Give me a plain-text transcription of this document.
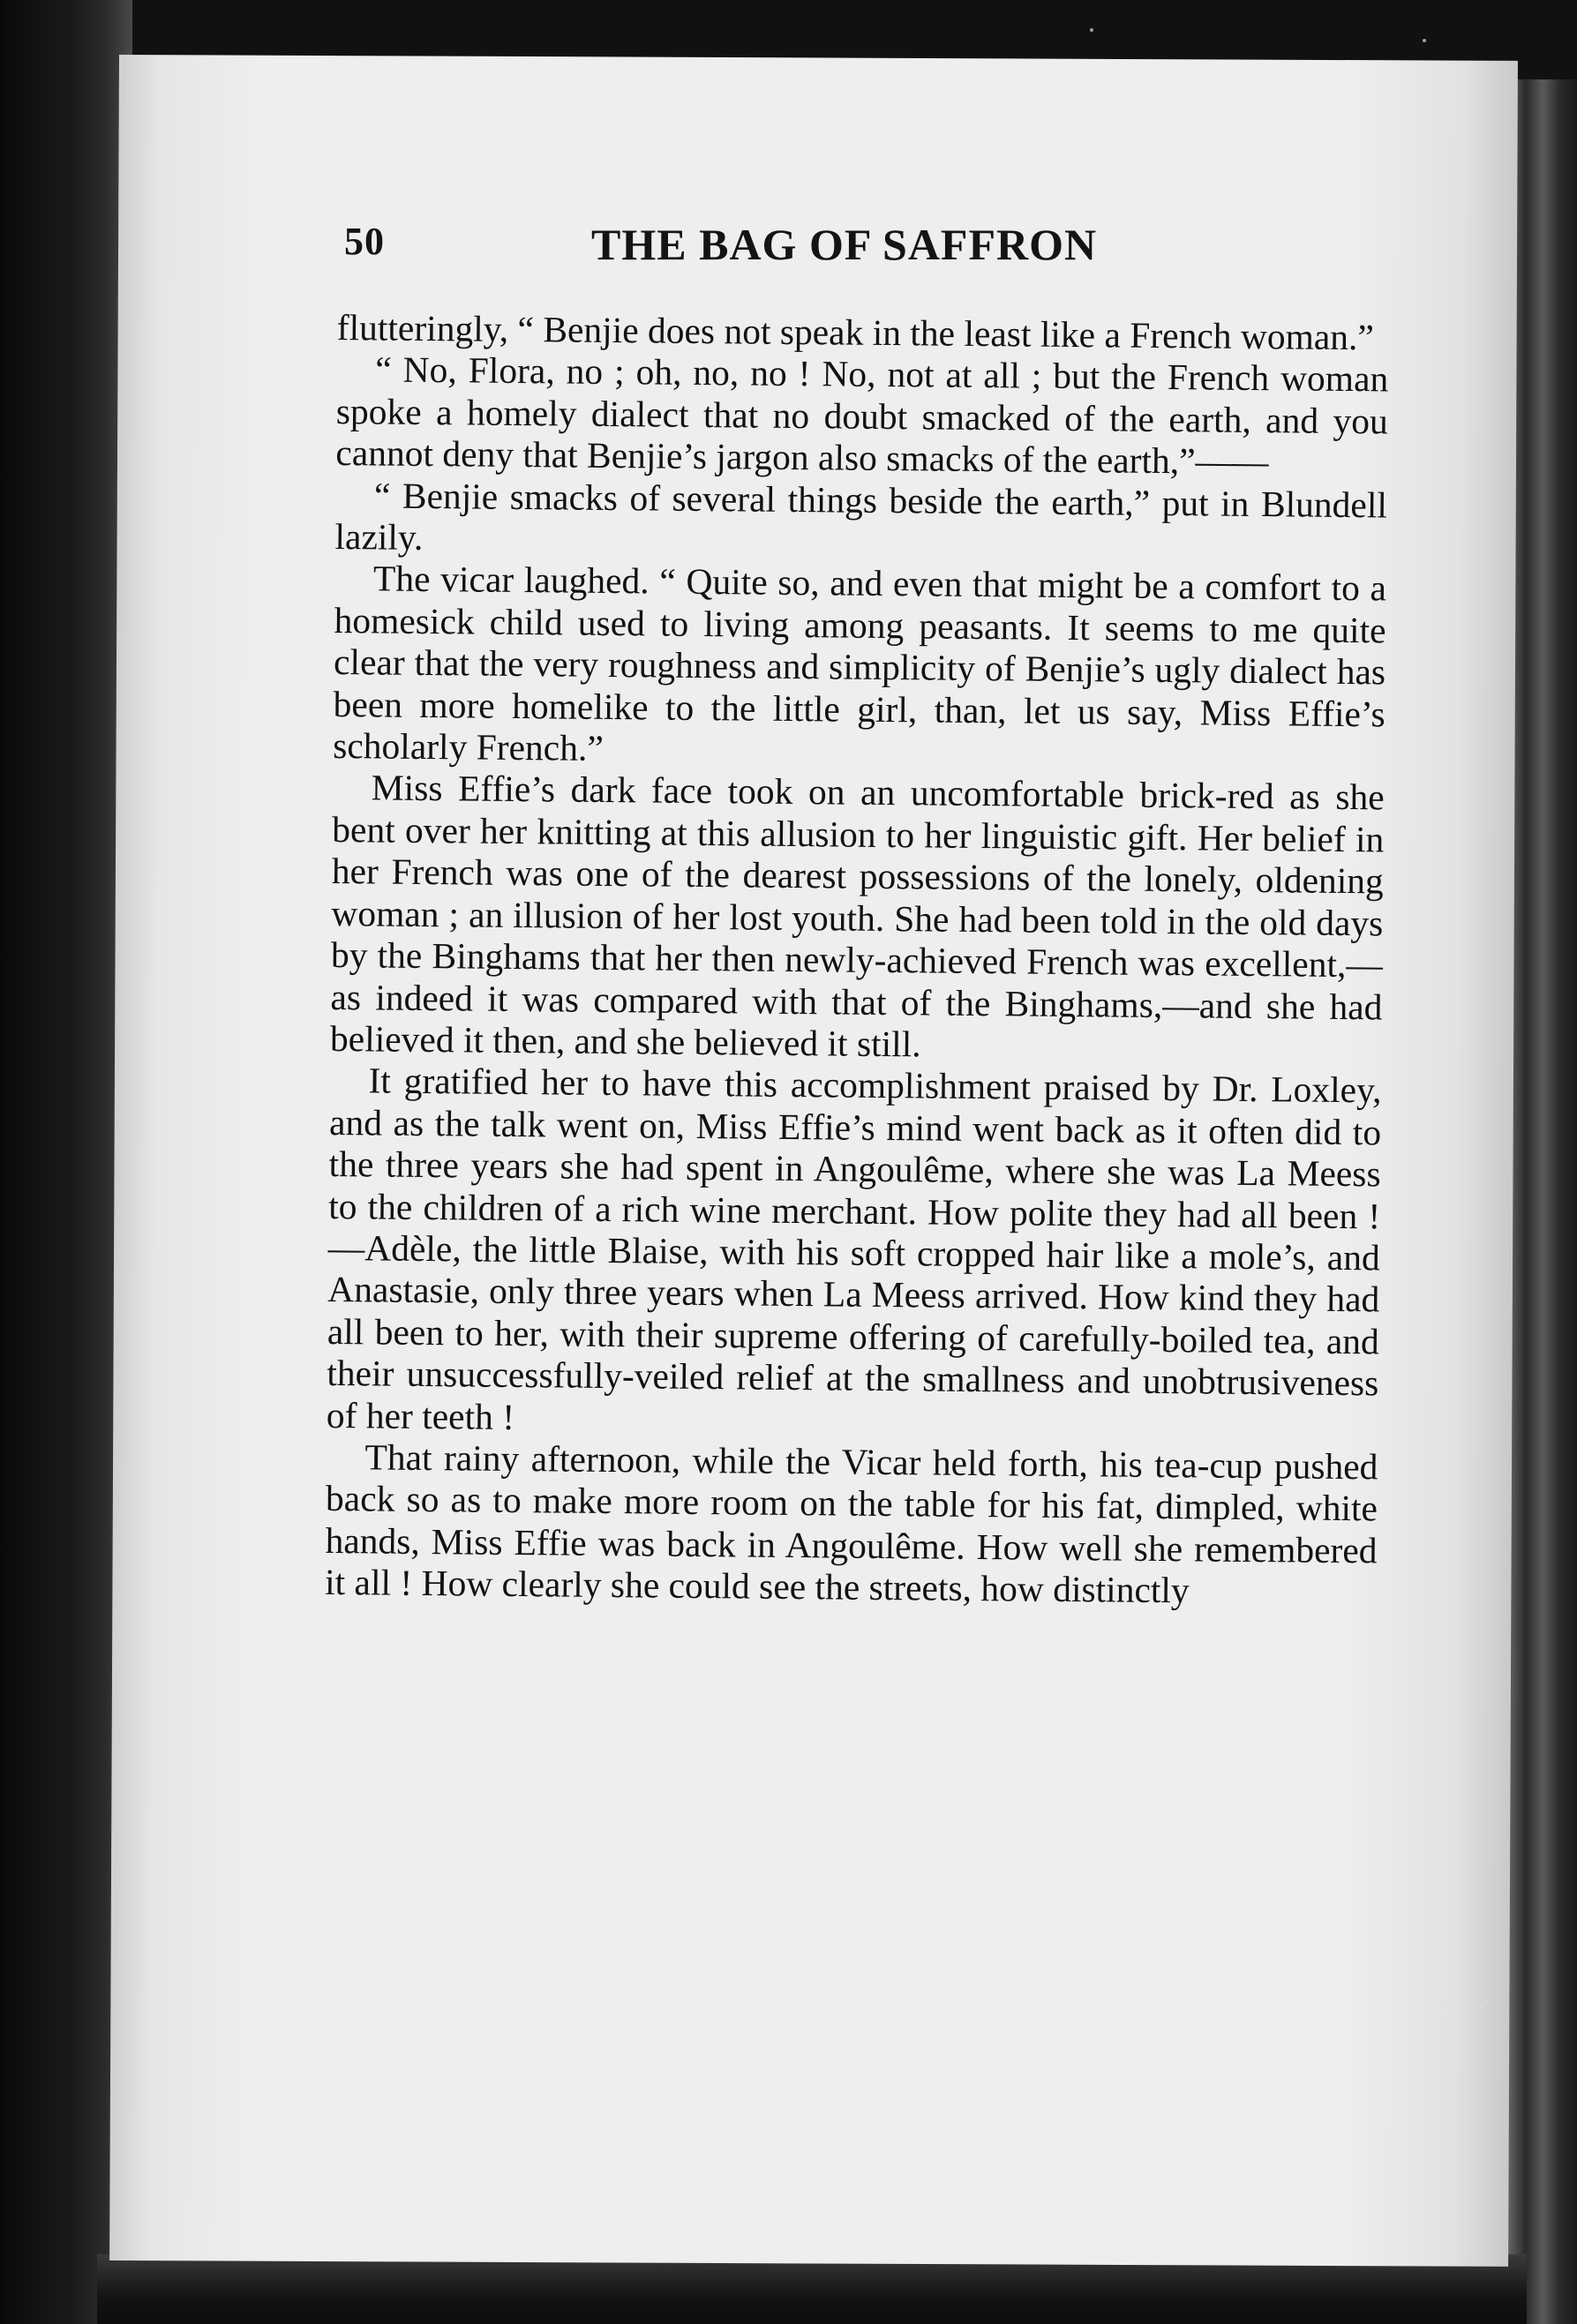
50	THE BAG OF SAFFRON

flutteringly, “ Benjie does not speak in the least like a French woman.”

“ No, Flora, no ; oh, no, no ! No, not at all ; but the French woman spoke a homely dialect that no doubt smacked of the earth, and you cannot deny that Benjie’s jargon also smacks of the earth,”——

“ Benjie smacks of several things beside the earth,” put in Blundell lazily.

The vicar laughed. “ Quite so, and even that might be a comfort to a homesick child used to living among peasants. It seems to me quite clear that the very roughness and simplicity of Benjie’s ugly dialect has been more homelike to the little girl, than, let us say, Miss Effie’s scholarly French.”

Miss Effie’s dark face took on an uncomfortable brick-red as she bent over her knitting at this allusion to her linguistic gift. Her belief in her French was one of the dearest possessions of the lonely, oldening woman ; an illusion of her lost youth. She had been told in the old days by the Binghams that her then newly-achieved French was excellent,—as indeed it was compared with that of the Binghams,—and she had believed it then, and she believed it still.

It gratified her to have this accomplishment praised by Dr. Loxley, and as the talk went on, Miss Effie’s mind went back as it often did to the three years she had spent in Angoulême, where she was La Meess to the children of a rich wine merchant. How polite they had all been ! —Adèle, the little Blaise, with his soft cropped hair like a mole’s, and Anastasie, only three years when La Meess arrived. How kind they had all been to her, with their supreme offering of carefully-boiled tea, and their unsuccessfully-veiled relief at the smallness and unobtrusiveness of her teeth !

That rainy afternoon, while the Vicar held forth, his tea-cup pushed back so as to make more room on the table for his fat, dimpled, white hands, Miss Effie was back in Angoulême. How well she remembered it all ! How clearly she could see the streets, how distinctly
